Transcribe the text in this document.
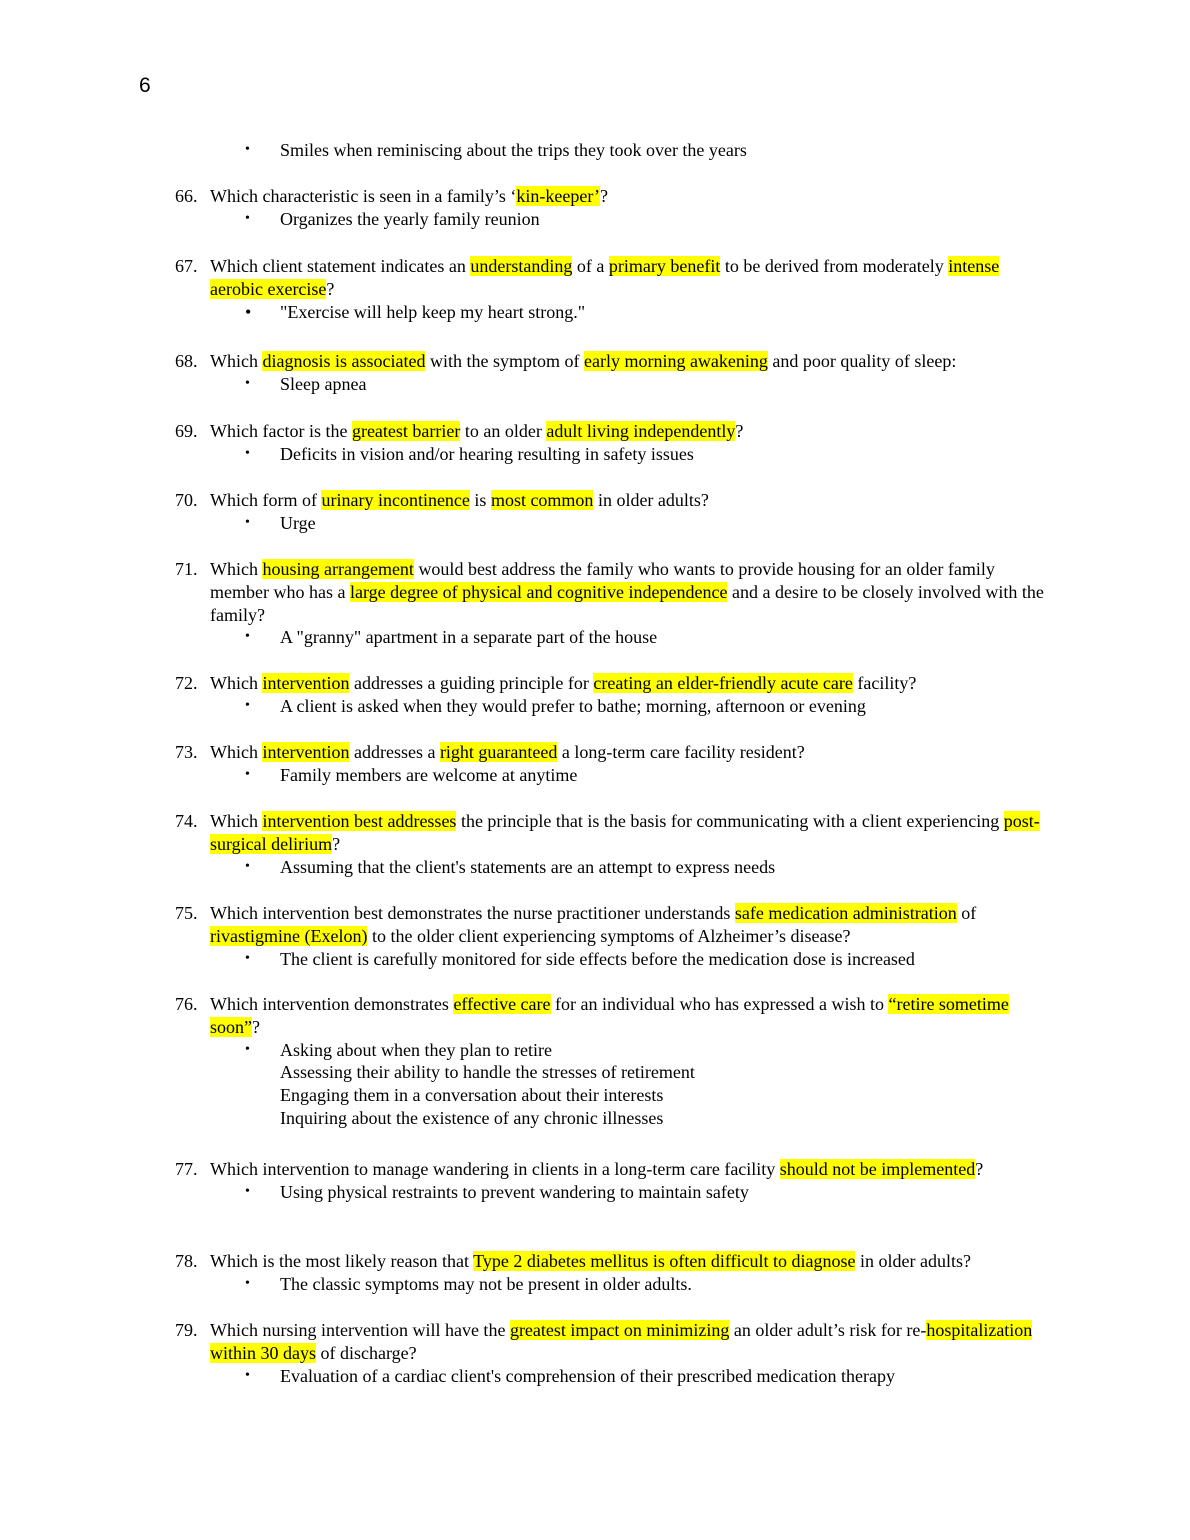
6
• Smiles when reminiscing about the trips they took over the years
66. Which characteristic is seen in a family’s ‘kin-keeper’?
• Organizes the yearly family reunion
67. Which client statement indicates an understanding of a primary benefit to be derived from moderately intense aerobic exercise?
• "Exercise will help keep my heart strong."
68. Which diagnosis is associated with the symptom of early morning awakening and poor quality of sleep:
• Sleep apnea
69. Which factor is the greatest barrier to an older adult living independently?
• Deficits in vision and/or hearing resulting in safety issues
70. Which form of urinary incontinence is most common in older adults?
• Urge
71. Which housing arrangement would best address the family who wants to provide housing for an older family member who has a large degree of physical and cognitive independence and a desire to be closely involved with the family?
• A "granny" apartment in a separate part of the house
72. Which intervention addresses a guiding principle for creating an elder-friendly acute care facility?
• A client is asked when they would prefer to bathe; morning, afternoon or evening
73. Which intervention addresses a right guaranteed a long-term care facility resident?
• Family members are welcome at anytime
74. Which intervention best addresses the principle that is the basis for communicating with a client experiencing post-surgical delirium?
• Assuming that the client's statements are an attempt to express needs
75. Which intervention best demonstrates the nurse practitioner understands safe medication administration of rivastigmine (Exelon) to the older client experiencing symptoms of Alzheimer’s disease?
• The client is carefully monitored for side effects before the medication dose is increased
76. Which intervention demonstrates effective care for an individual who has expressed a wish to “retire sometime soon”?
• Asking about when they plan to retire
Assessing their ability to handle the stresses of retirement
Engaging them in a conversation about their interests
Inquiring about the existence of any chronic illnesses
77. Which intervention to manage wandering in clients in a long-term care facility should not be implemented?
• Using physical restraints to prevent wandering to maintain safety
78. Which is the most likely reason that Type 2 diabetes mellitus is often difficult to diagnose in older adults?
• The classic symptoms may not be present in older adults.
79. Which nursing intervention will have the greatest impact on minimizing an older adult’s risk for re-hospitalization within 30 days of discharge?
• Evaluation of a cardiac client's comprehension of their prescribed medication therapy
